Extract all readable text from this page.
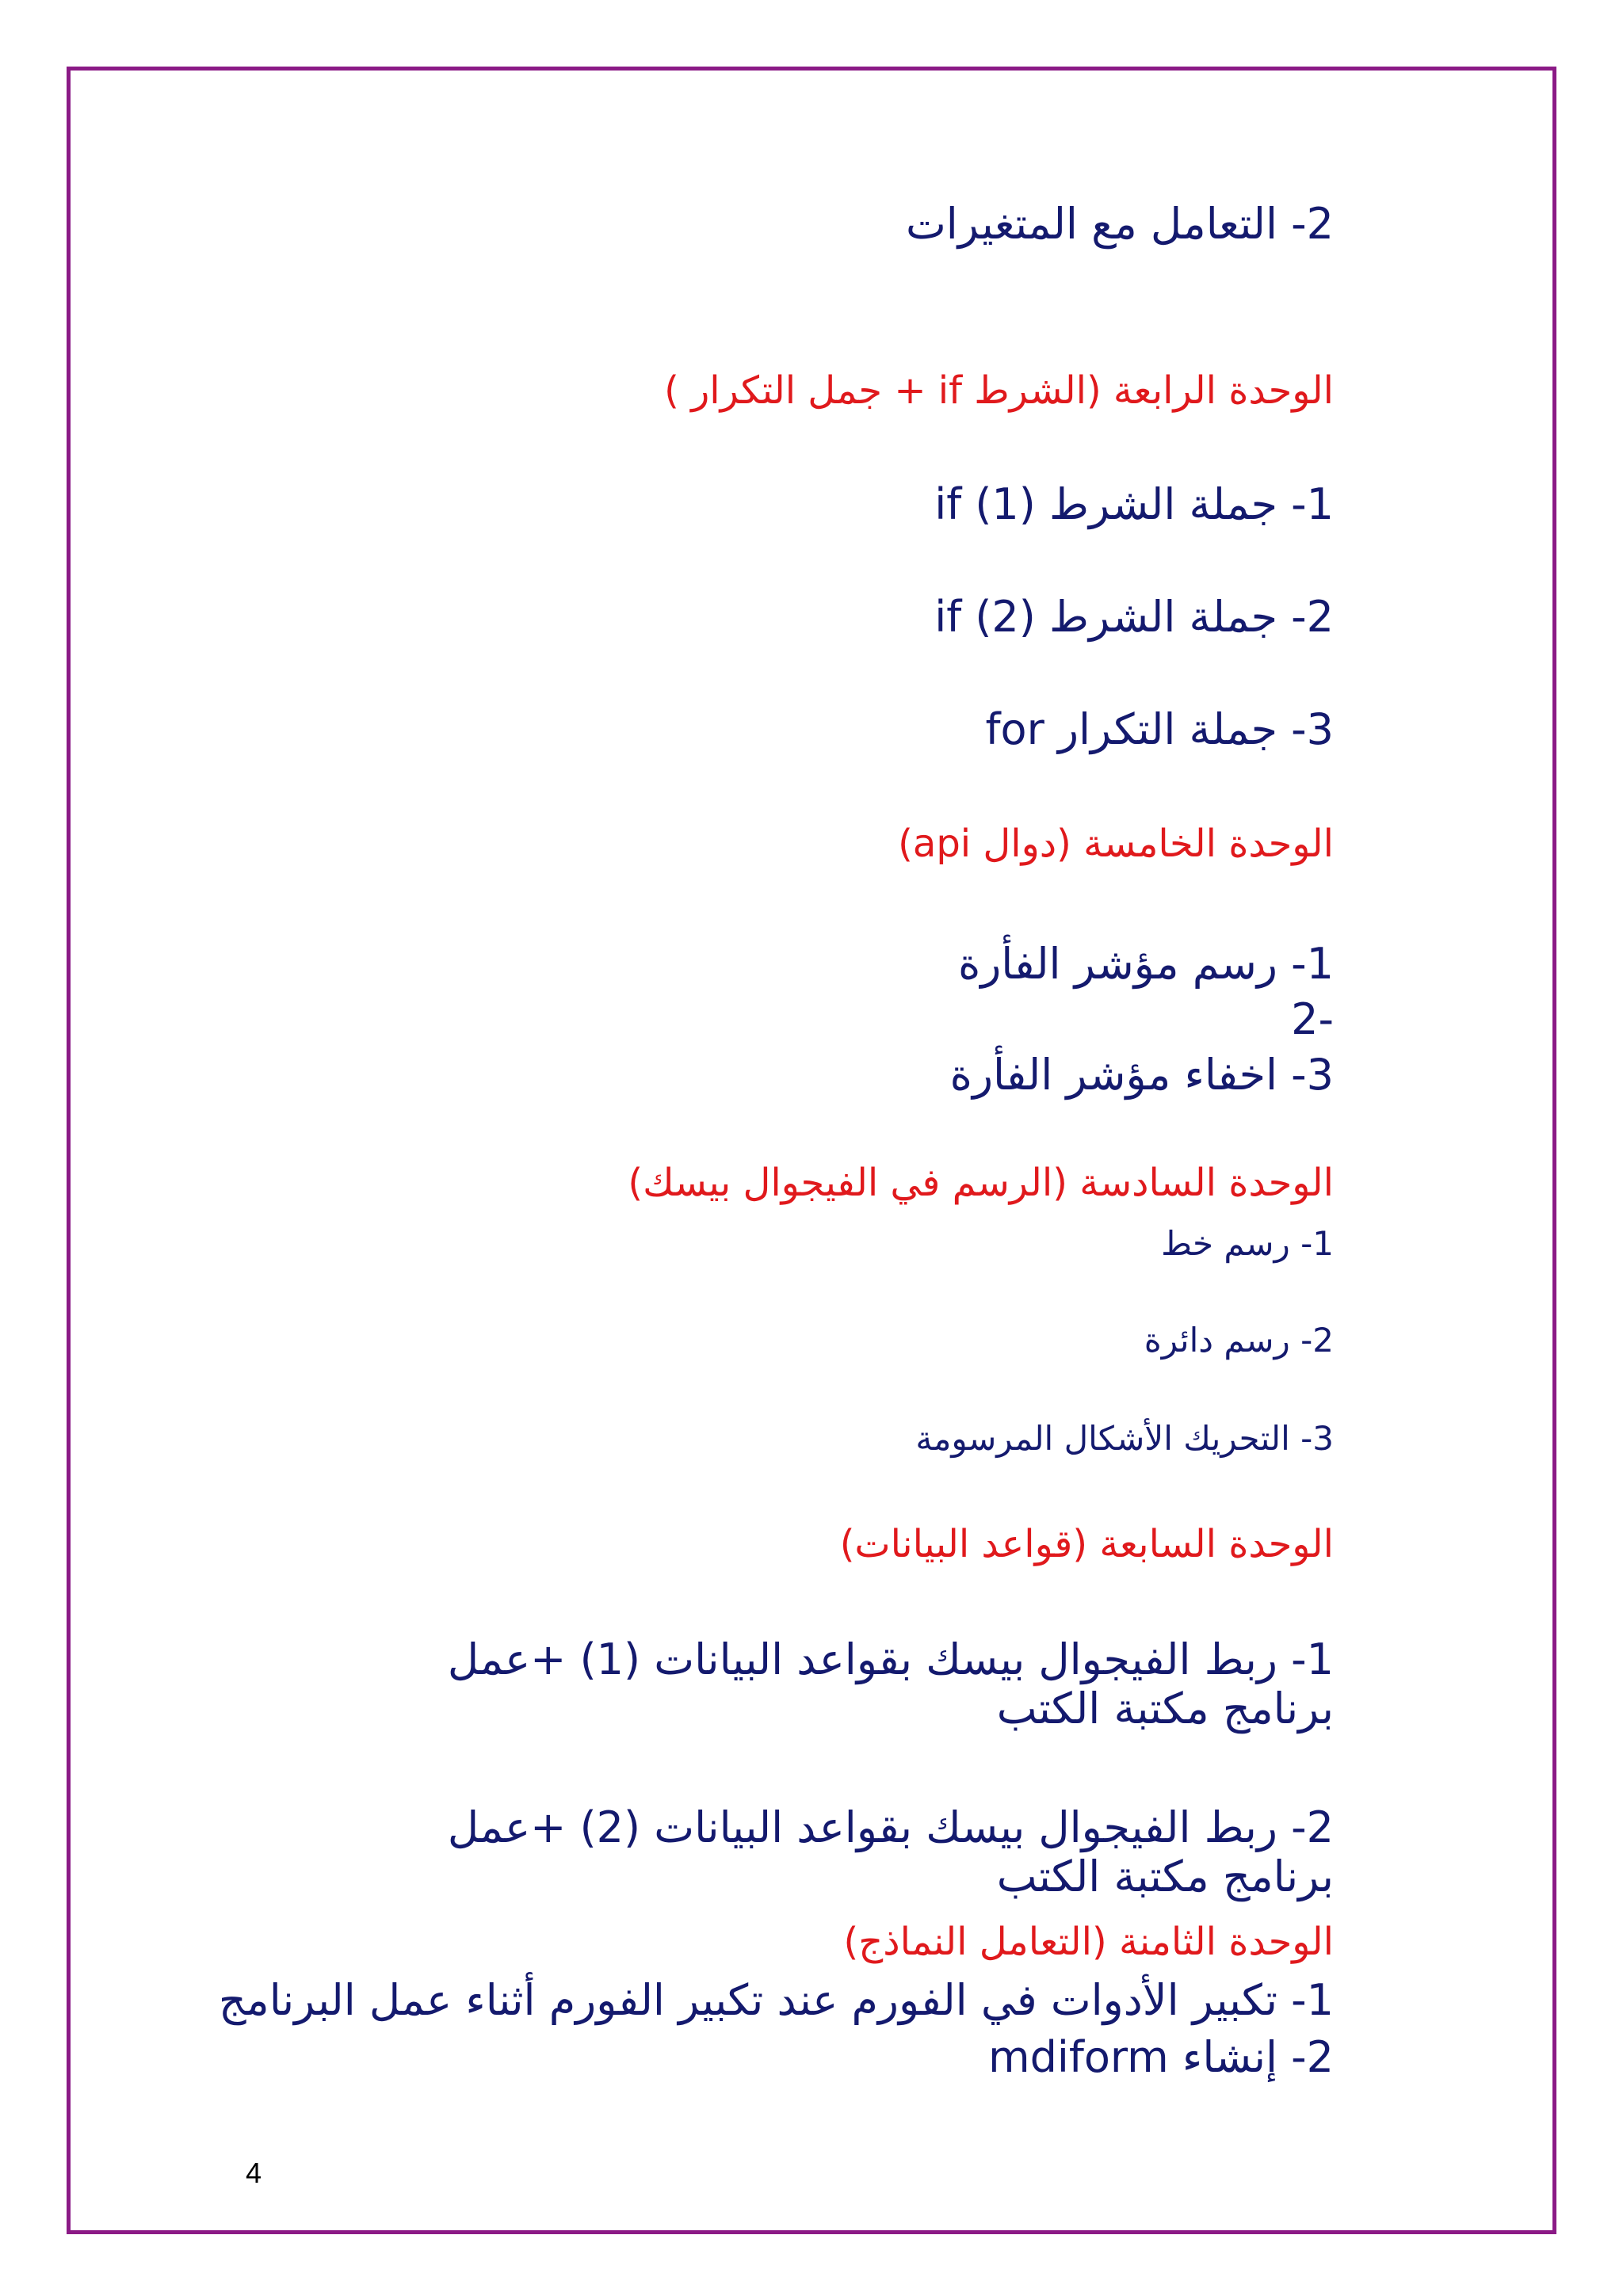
2- التعامل مع المتغيرات
الوحدة الرابعة (الشرط if + جمل التكرار )
1- جملة الشرط if (1)
2- جملة الشرط if (2)
3- جملة التكرار for
الوحدة الخامسة (دوال api)
1- رسم مؤشر الفأرة
2-
3- اخفاء مؤشر الفأرة
الوحدة السادسة (الرسم في الفيجوال بيسك)
1- رسم خط
2- رسم دائرة
3- التحريك الأشكال المرسومة
الوحدة السابعة (قواعد البيانات)
1- ربط الفيجوال بيسك بقواعد البيانات (1) +عمل برنامج مكتبة الكتب
2- ربط الفيجوال بيسك بقواعد البيانات (2) +عمل برنامج مكتبة الكتب
الوحدة الثامنة (التعامل النماذج)
1- تكبير الأدوات في الفورم عند تكبير الفورم أثناء عمل البرنامج
2- إنشاء mdiform
4
